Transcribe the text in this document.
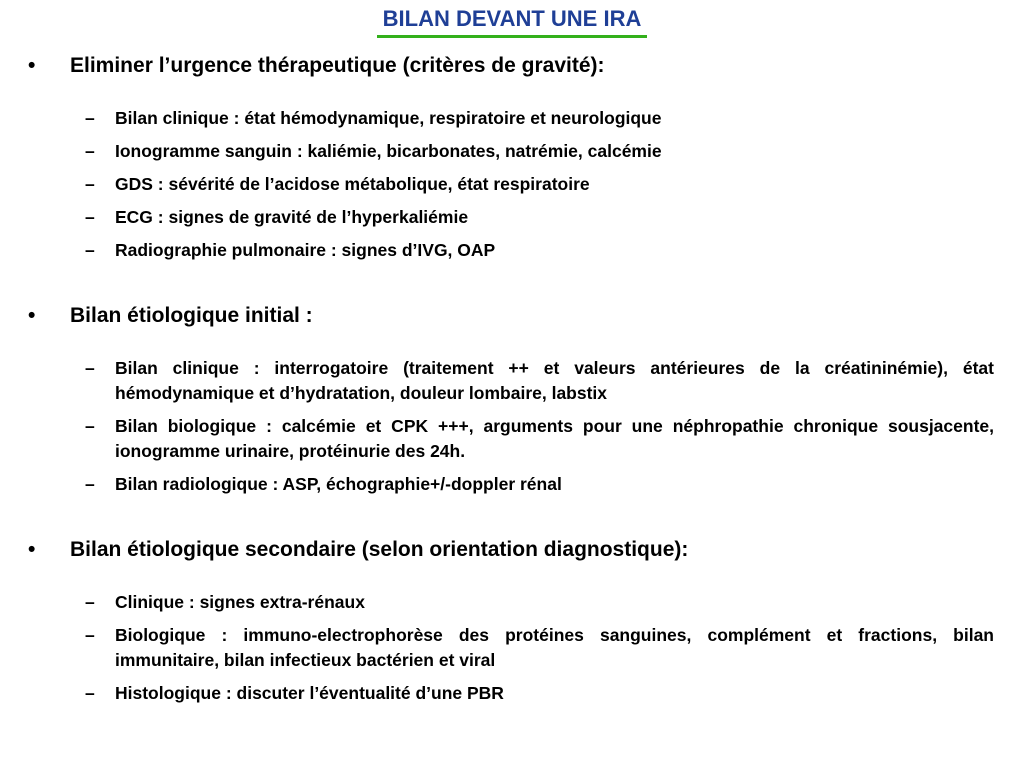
BILAN DEVANT UNE IRA
•	Eliminer l’urgence thérapeutique (critères de gravité):
– Bilan clinique : état hémodynamique, respiratoire et neurologique
– Ionogramme sanguin : kaliémie, bicarbonates, natrémie, calcémie
– GDS : sévérité de l’acidose métabolique, état respiratoire
– ECG : signes de gravité de l’hyperkaliémie
– Radiographie pulmonaire : signes d’IVG, OAP
•	Bilan étiologique initial :
– Bilan clinique : interrogatoire (traitement ++ et valeurs antérieures de la créatininémie), état hémodynamique et d’hydratation, douleur lombaire, labstix
– Bilan biologique : calcémie et CPK +++, arguments pour une néphropathie chronique sousjacente, ionogramme urinaire, protéinurie des 24h.
– Bilan radiologique : ASP, échographie+/-doppler rénal
•	Bilan étiologique secondaire (selon orientation diagnostique):
– Clinique : signes extra-rénaux
– Biologique : immuno-electrophorèse des protéines sanguines, complément et fractions, bilan immunitaire, bilan infectieux bactérien et viral
– Histologique : discuter l’éventualité d’une PBR
